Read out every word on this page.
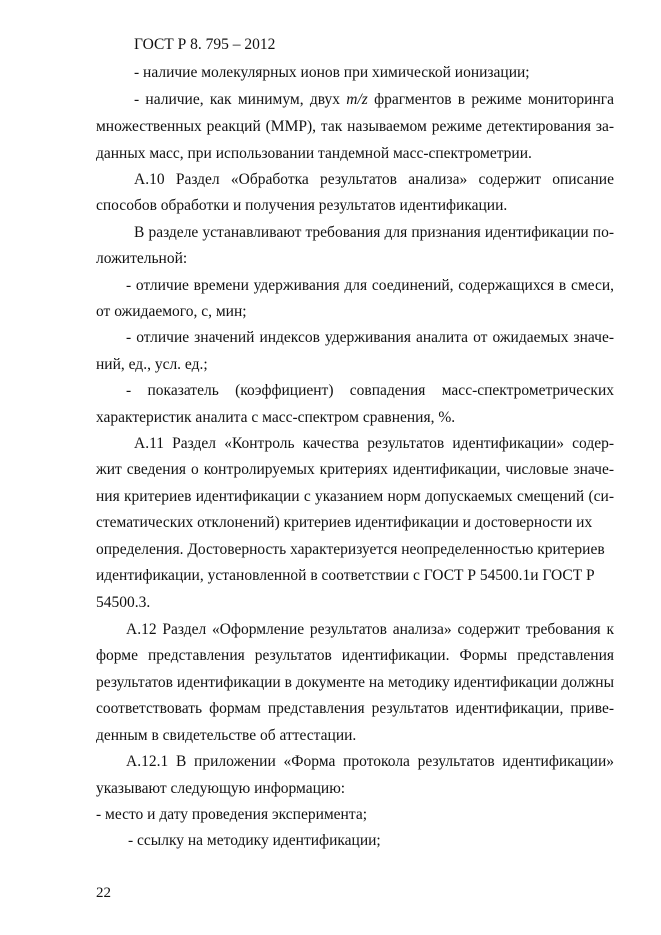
ГОСТ Р 8. 795 – 2012
- наличие молекулярных ионов при химической ионизации;
- наличие, как минимум, двух m/z фрагментов в режиме мониторинга
множественных реакций (ММР), так называемом режиме детектирования за-
данных масс, при использовании тандемной масс-спектрометрии.
А.10 Раздел «Обработка результатов анализа» содержит описание
способов обработки и получения результатов идентификации.
В разделе устанавливают требования для признания идентификации по-
ложительной:
- отличие времени удерживания для соединений, содержащихся в смеси,
от ожидаемого, с, мин;
- отличие значений индексов удерживания аналита от ожидаемых значе-
ний, ед., усл. ед.;
- показатель (коэффициент) совпадения масс-спектрометрических
характеристик аналита с масс-спектром сравнения, %.
А.11 Раздел «Контроль качества результатов идентификации» содер-
жит сведения о контролируемых критериях идентификации, числовые значе-
ния критериев идентификации с указанием норм допускаемых смещений (си-
стематических отклонений) критериев идентификации и достоверности их
определения. Достоверность характеризуется неопределенностью критериев
идентификации, установленной в соответствии с ГОСТ Р 54500.1и ГОСТ Р
54500.3.
А.12 Раздел «Оформление результатов анализа» содержит требования к
форме представления результатов идентификации. Формы представления
результатов идентификации в документе на методику идентификации должны
соответствовать формам представления результатов идентификации, приве-
денным в свидетельстве об аттестации.
А.12.1 В приложении «Форма протокола результатов идентификации»
указывают следующую информацию:
- место и дату проведения эксперимента;
- ссылку на методику идентификации;
22
